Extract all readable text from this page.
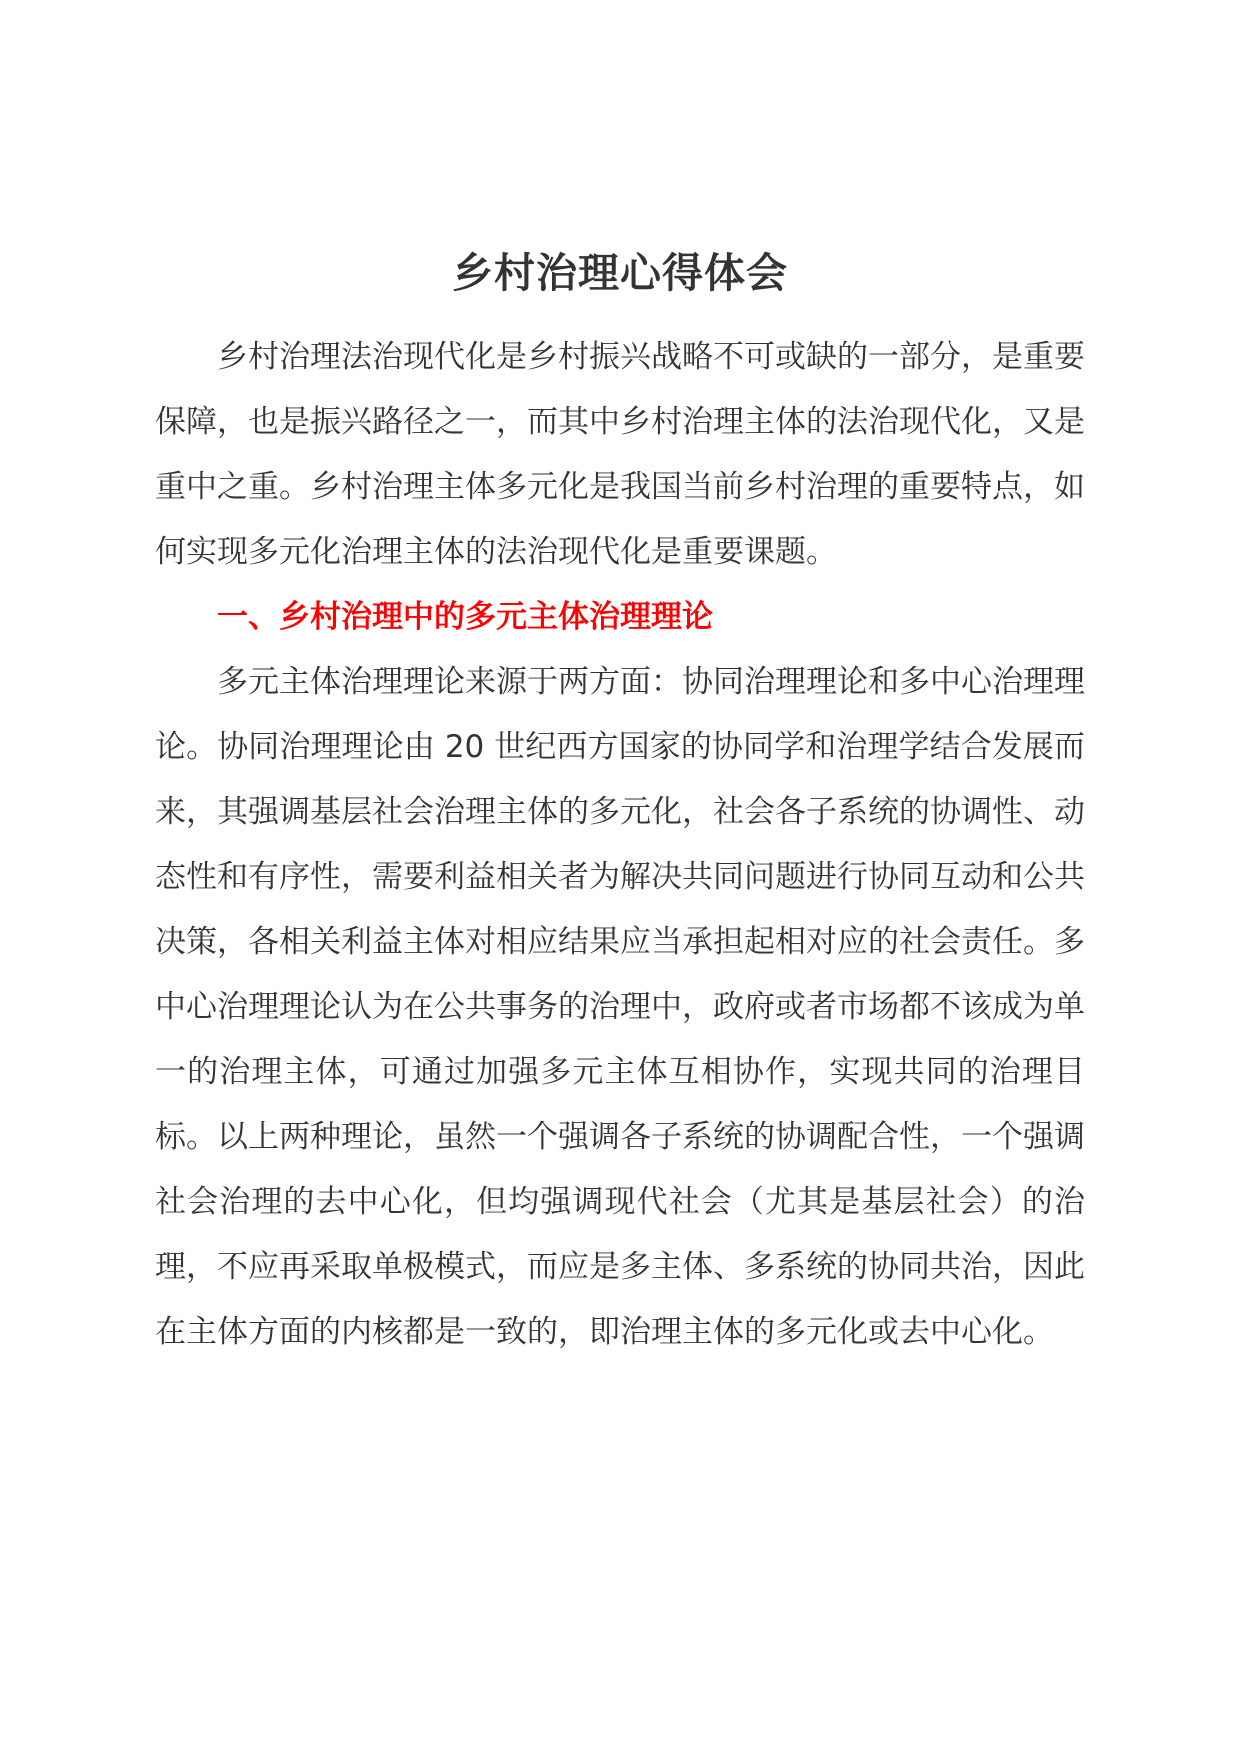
乡村治理心得体会

乡村治理法治现代化是乡村振兴战略不可或缺的一部分，是重要保障，也是振兴路径之一，而其中乡村治理主体的法治现代化，又是重中之重。乡村治理主体多元化是我国当前乡村治理的重要特点，如何实现多元化治理主体的法治现代化是重要课题。

一、乡村治理中的多元主体治理理论

多元主体治理理论来源于两方面：协同治理理论和多中心治理理论。协同治理理论由 20 世纪西方国家的协同学和治理学结合发展而来，其强调基层社会治理主体的多元化，社会各子系统的协调性、动态性和有序性，需要利益相关者为解决共同问题进行协同互动和公共决策，各相关利益主体对相应结果应当承担起相对应的社会责任。多中心治理理论认为在公共事务的治理中，政府或者市场都不该成为单一的治理主体，可通过加强多元主体互相协作，实现共同的治理目标。以上两种理论，虽然一个强调各子系统的协调配合性，一个强调社会治理的去中心化，但均强调现代社会（尤其是基层社会）的治理，不应再采取单极模式，而应是多主体、多系统的协同共治，因此在主体方面的内核都是一致的，即治理主体的多元化或去中心化。
